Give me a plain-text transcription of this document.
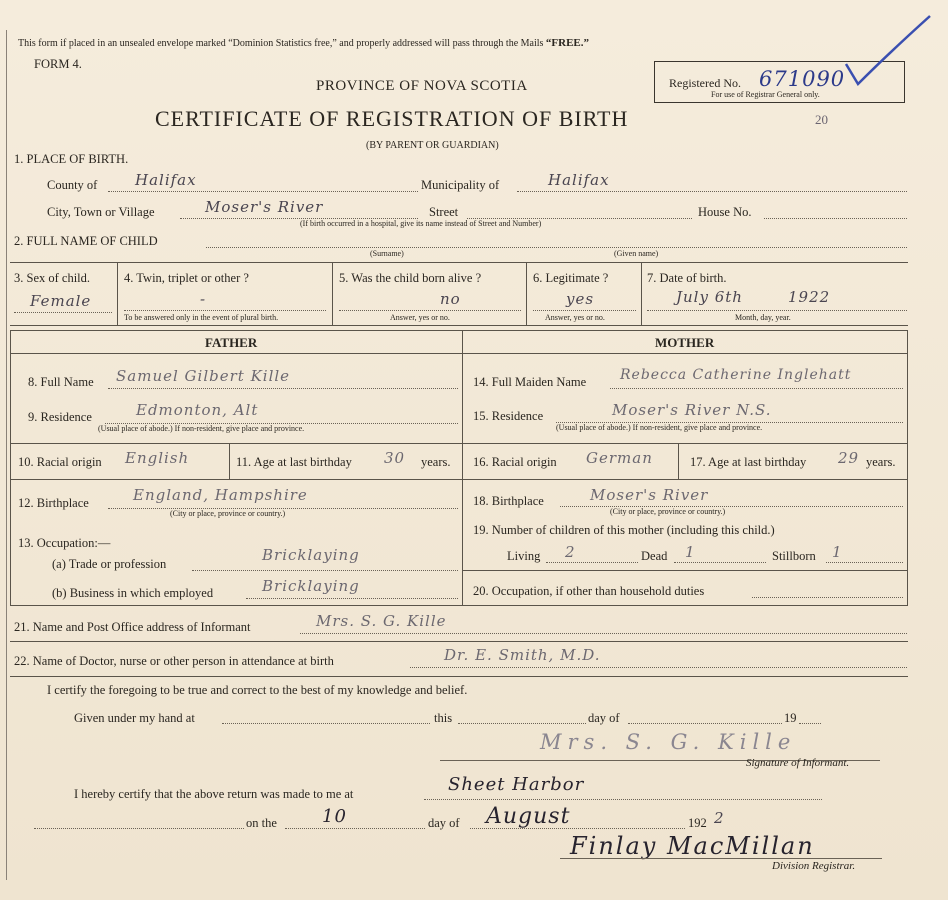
This form if placed in an unsealed envelope marked “Dominion Statistics free,” and properly addressed will pass through the Mails “FREE.”
FORM 4.
PROVINCE OF NOVA SCOTIA
CERTIFICATE OF REGISTRATION OF BIRTH
(BY PARENT OR GUARDIAN)
20
Registered No. 671090
For use of Registrar General only.
1. PLACE OF BIRTH.
County of	Halifax	Municipality of	Halifax
City, Town or Village	Moser's River	Street	House No.
(If birth occurred in a hospital, give its name instead of Street and Number)
2. FULL NAME OF CHILD
(Surname)	(Given name)
3. Sex of child.
Female
4. Twin, triplet or other ?
-
To be answered only in the event of plural birth.
5. Was the child born alive ?
no
Answer, yes or no.
6. Legitimate ?
yes
Answer, yes or no.
7. Date of birth.
July 6th	1922
Month, day, year.
FATHER	MOTHER
8. Full Name Samuel Gilbert Kille
9. Residence	Edmonton, Alt
(Usual place of abode.) If non-resident, give place and province.
10. Racial origin English	11. Age at last birthday 30 years.
12. Birthplace	England, Hampshire
(City or place, province or country.)
13. Occupation:—
(a) Trade or profession	Bricklaying
(b) Business in which employed	Bricklaying
14. Full Maiden Name Rebecca Catherine Inglehatt
15. Residence	Moser's River N.S.
(Usual place of abode.) If non-resident, give place and province.
16. Racial origin German	17. Age at last birthday 29 years.
18. Birthplace	Moser's River
(City or place, province or country.)
19. Number of children of this mother (including this child.)
Living 2	Dead 1	Stillborn 1
20. Occupation, if other than household duties
21. Name and Post Office address of Informant	Mrs. S. G. Kille
22. Name of Doctor, nurse or other person in attendance at birth	Dr. E. Smith, M.D.
I certify the foregoing to be true and correct to the best of my knowledge and belief.
Given under my hand at	this	day of	19
Mrs. S. G. Kille
Signature of Informant.
I hereby certify that the above return was made to me at	Sheet Harbor
on the	10	day of August	192 2
Finlay MacMillan
Division Registrar.
